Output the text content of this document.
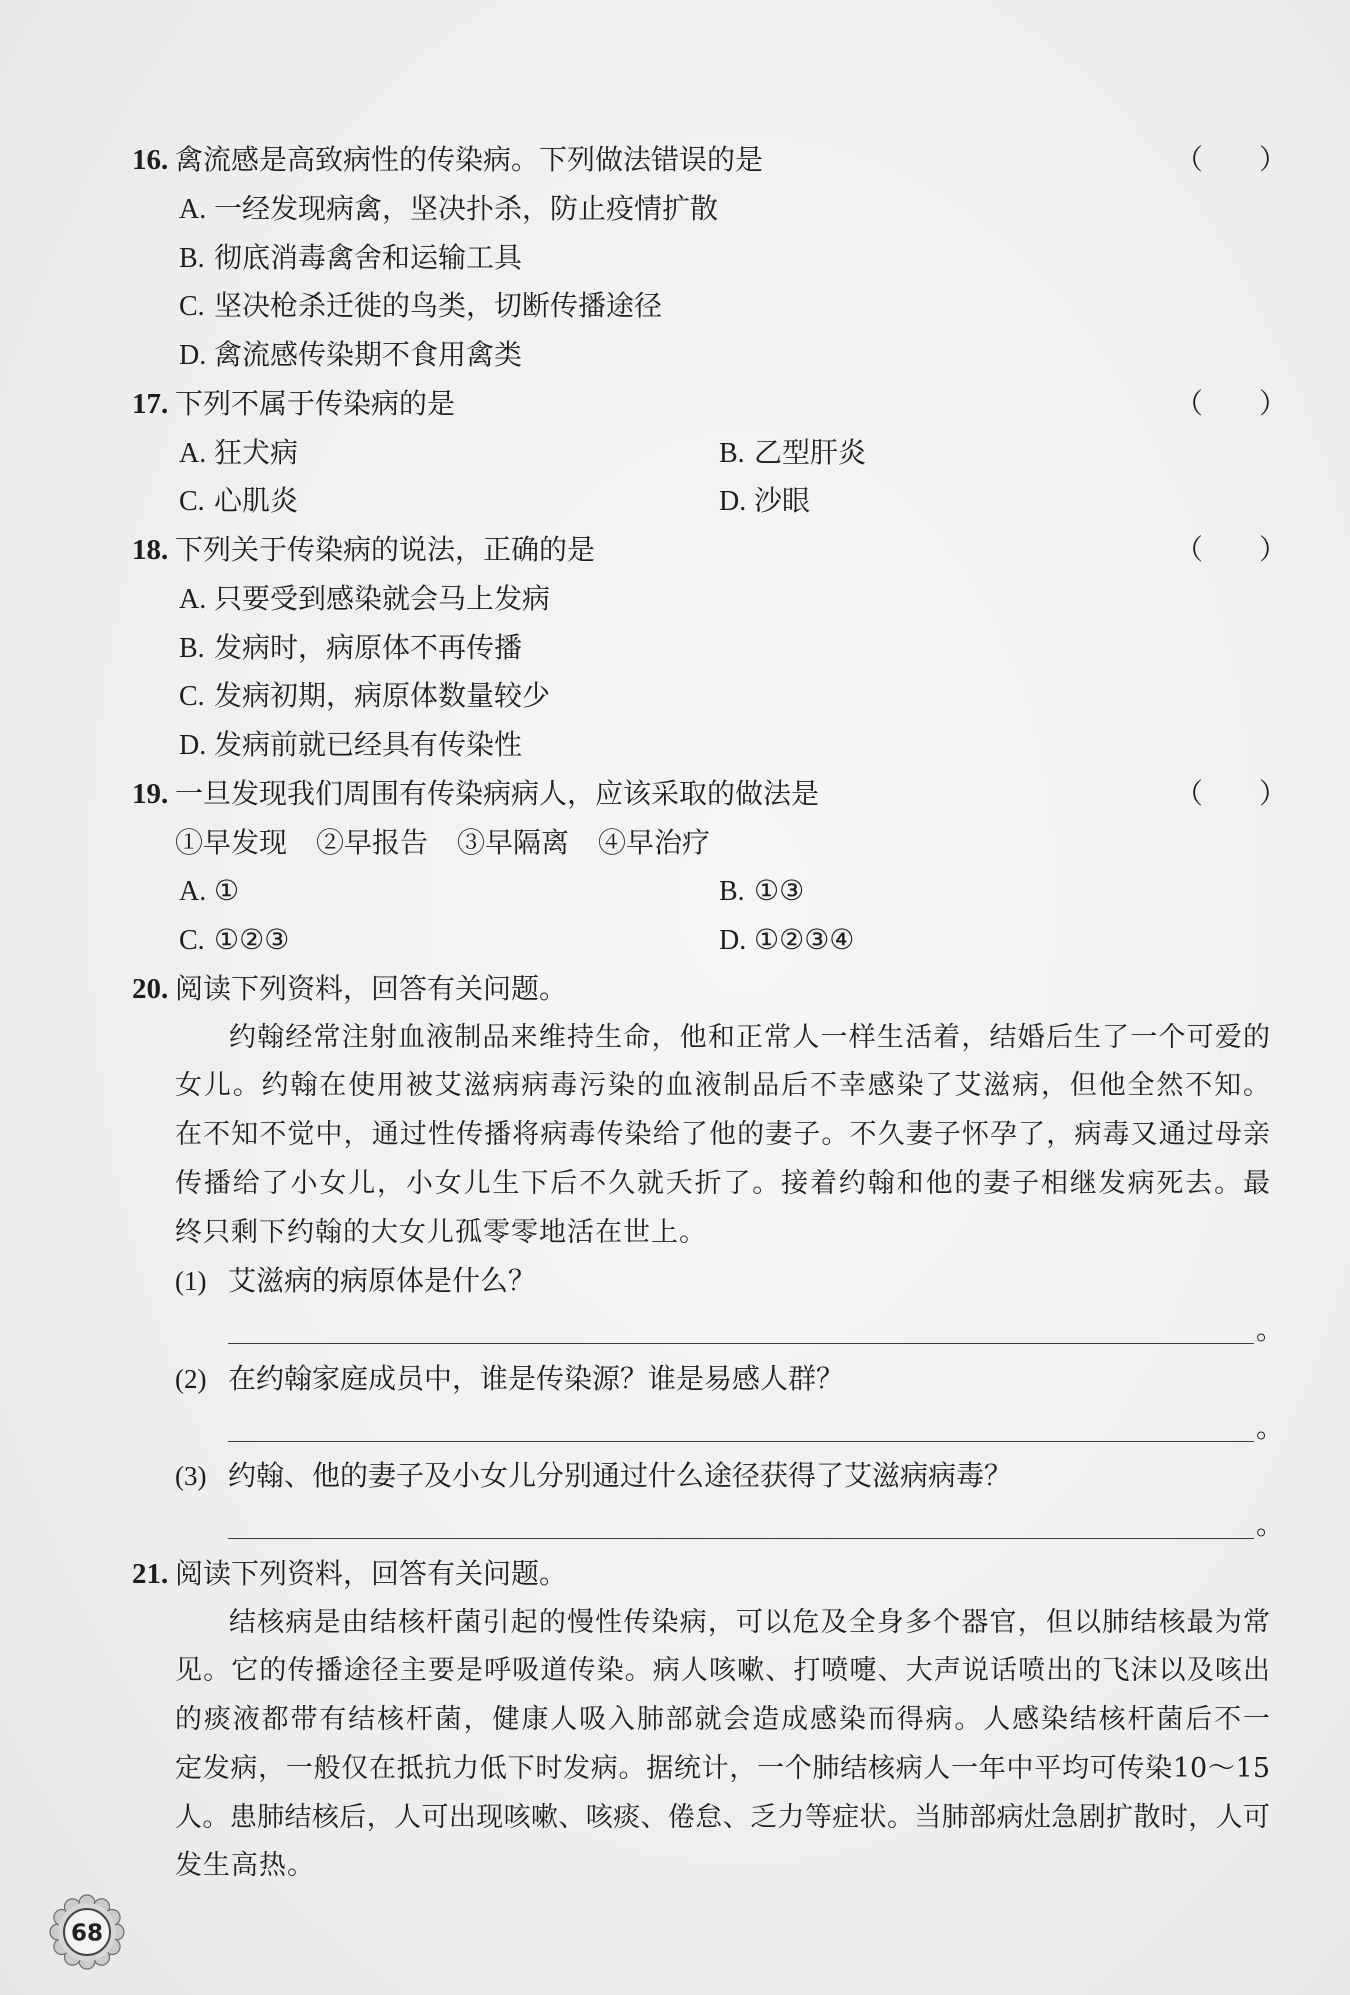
16. 禽流感是高致病性的传染病。下列做法错误的是	（　　）
A. 一经发现病禽，坚决扑杀，防止疫情扩散
B. 彻底消毒禽舍和运输工具
C. 坚决枪杀迁徙的鸟类，切断传播途径
D. 禽流感传染期不食用禽类
17. 下列不属于传染病的是	（　　）
A. 狂犬病	B. 乙型肝炎
C. 心肌炎	D. 沙眼
18. 下列关于传染病的说法，正确的是	（　　）
A. 只要受到感染就会马上发病
B. 发病时，病原体不再传播
C. 发病初期，病原体数量较少
D. 发病前就已经具有传染性
19. 一旦发现我们周围有传染病病人，应该采取的做法是	（　　）
①早发现	②早报告	③早隔离	④早治疗
A. ①	B. ①③
C. ①②③	D. ①②③④
20. 阅读下列资料，回答有关问题。
约翰经常注射血液制品来维持生命，他和正常人一样生活着，结婚后生了一个可爱的
女儿。约翰在使用被艾滋病病毒污染的血液制品后不幸感染了艾滋病，但他全然不知。
在不知不觉中，通过性传播将病毒传染给了他的妻子。不久妻子怀孕了，病毒又通过母亲
传播给了小女儿，小女儿生下后不久就夭折了。接着约翰和他的妻子相继发病死去。最
终只剩下约翰的大女儿孤零零地活在世上。
(1) 艾滋病的病原体是什么？
。
(2) 在约翰家庭成员中，谁是传染源？谁是易感人群？
。
(3) 约翰、他的妻子及小女儿分别通过什么途径获得了艾滋病病毒？
。
21. 阅读下列资料，回答有关问题。
结核病是由结核杆菌引起的慢性传染病，可以危及全身多个器官，但以肺结核最为常
见。它的传播途径主要是呼吸道传染。病人咳嗽、打喷嚏、大声说话喷出的飞沫以及咳出
的痰液都带有结核杆菌，健康人吸入肺部就会造成感染而得病。人感染结核杆菌后不一
定发病，一般仅在抵抗力低下时发病。据统计，一个肺结核病人一年中平均可传染10～15
人。患肺结核后，人可出现咳嗽、咳痰、倦怠、乏力等症状。当肺部病灶急剧扩散时，人可
发生高热。
68
